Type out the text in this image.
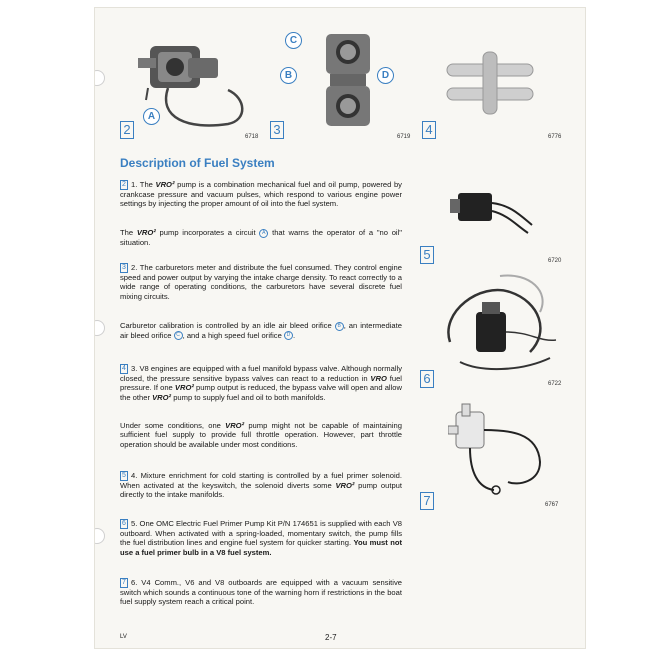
A
2	6718
C
B	D
3	6719 4	6776
5	6720
6	6722
7	6767
Description of Fuel System

2 1. The VRO² pump is a combination mechanical fuel and oil pump, powered by crankcase pressure and vacuum pulses, which respond to various engine power settings by injecting the proper amount of oil into the fuel system.

The VRO² pump incorporates a circuit A that warns the operator of a "no oil" situation.

3 2. The carburetors meter and distribute the fuel consumed. They control engine speed and power output by varying the intake charge density. To react correctly to a wide range of operating conditions, the carburetors have several discrete fuel mixing circuits.

Carburetor calibration is controlled by an idle air bleed orifice B , an intermediate air bleed orifice C , and a high speed fuel orifice D .

4 3. V8 engines are equipped with a fuel manifold bypass valve. Although normally closed, the pressure sensitive bypass valves can react to a reduction in VRO fuel pressure. If one VRO² pump output is reduced, the bypass valve will open and allow the other VRO² pump to supply fuel and oil to both manifolds.

Under some conditions, one VRO² pump might not be capable of maintaining sufficient fuel supply to provide full throttle operation. However, part throttle operation should be available under most conditions.

5 4. Mixture enrichment for cold starting is controlled by a fuel primer solenoid. When activated at the keyswitch, the solenoid diverts some VRO² pump output directly to the intake manifolds.

6 5. One OMC Electric Fuel Primer Pump Kit P/N 174651 is supplied with each V8 outboard. When activated with a spring-loaded, momentary switch, the pump fills the fuel distribution lines and engine fuel system for quicker starting. You must not use a fuel primer bulb in a V8 fuel system.

7 6. V4 Comm., V6 and V8 outboards are equipped with a vacuum sensitive switch which sounds a continuous tone of the warning horn if restrictions in the boat fuel supply system reach a critical point.

LV	2-7
